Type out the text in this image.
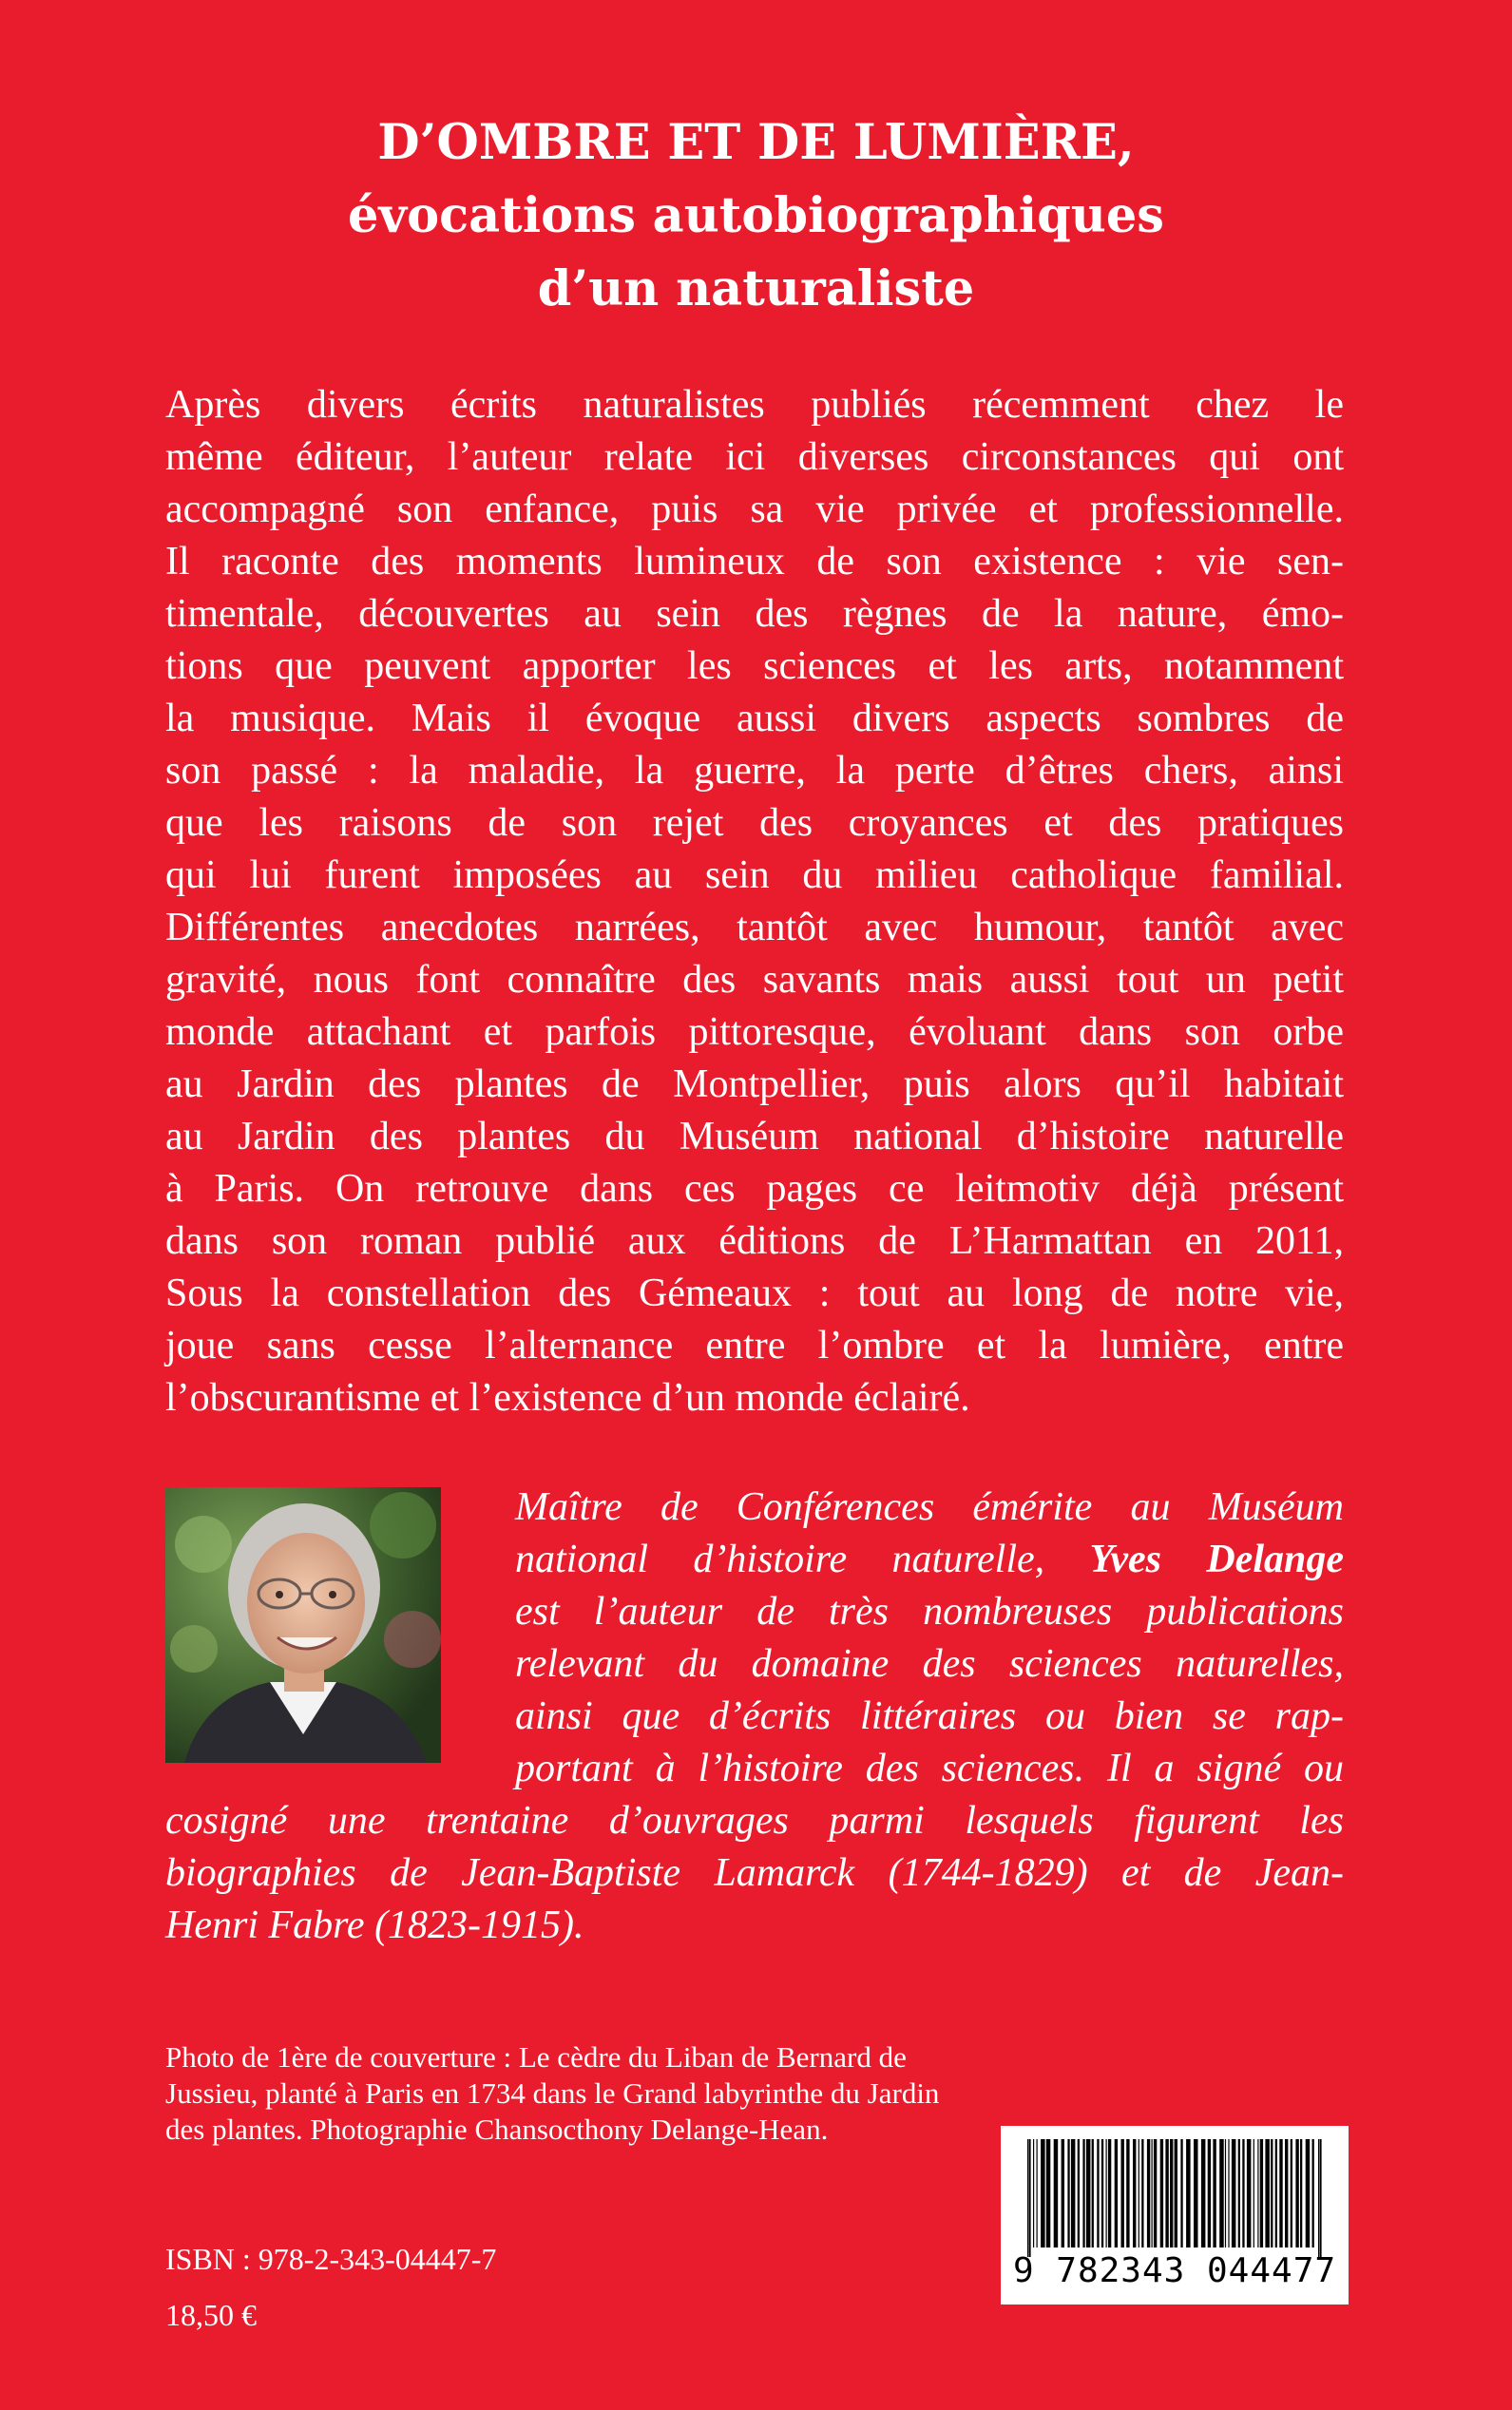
D’OMBRE ET DE LUMIÈRE,
évocations autobiographiques
d’un naturaliste
Après divers écrits naturalistes publiés récemment chez le
même éditeur, l’auteur relate ici diverses circonstances qui ont
accompagné son enfance, puis sa vie privée et professionnelle.
Il raconte des moments lumineux de son existence : vie sen-
timentale, découvertes au sein des règnes de la nature, émo-
tions que peuvent apporter les sciences et les arts, notamment
la musique. Mais il évoque aussi divers aspects sombres de
son passé : la maladie, la guerre, la perte d’êtres chers, ainsi
que les raisons de son rejet des croyances et des pratiques
qui lui furent imposées au sein du milieu catholique familial.
Différentes anecdotes narrées, tantôt avec humour, tantôt avec
gravité, nous font connaître des savants mais aussi tout un petit
monde attachant et parfois pittoresque, évoluant dans son orbe
au Jardin des plantes de Montpellier, puis alors qu’il habitait
au Jardin des plantes du Muséum national d’histoire naturelle
à Paris. On retrouve dans ces pages ce leitmotiv déjà présent
dans son roman publié aux éditions de L’Harmattan en 2011,
Sous la constellation des Gémeaux : tout au long de notre vie,
joue sans cesse l’alternance entre l’ombre et la lumière, entre
l’obscurantisme et l’existence d’un monde éclairé.
Maître de Conférences émérite au Muséum
national d’histoire naturelle, Yves Delange
est l’auteur de très nombreuses publications
relevant du domaine des sciences naturelles,
ainsi que d’écrits littéraires ou bien se rap-
portant à l’histoire des sciences. Il a signé ou
cosigné une trentaine d’ouvrages parmi lesquels figurent les
biographies de Jean-Baptiste Lamarck (1744-1829) et de Jean-
Henri Fabre (1823-1915).
Photo de 1ère de couverture : Le cèdre du Liban de Bernard de
Jussieu, planté à Paris en 1734 dans le Grand labyrinthe du Jardin
des plantes. Photographie Chansocthony Delange-Hean.
ISBN : 978-2-343-04447-7
18,50 €
9 782343 044477
